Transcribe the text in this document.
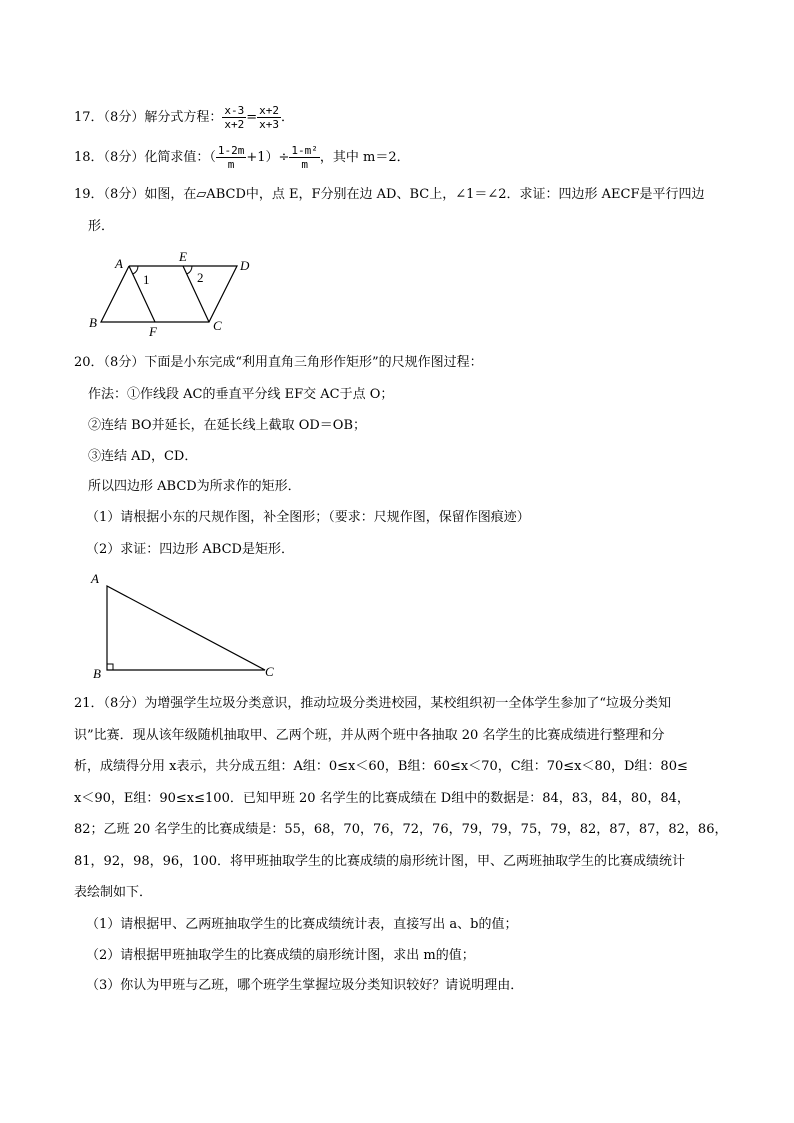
17．（8分）解分式方程： $\frac{x-3}{x+2} = \frac{x+2}{x+3}$ ．
18．（8分）化简求值：（ $\frac{1-2m}{m} +1)\div \frac{\text{1-m²}}{m}$ ，其中 m＝2．
19．（8分）如图，在▱ABCD中，点 E，F分别在边 AD、BC上，∠1＝∠2．求证：四边形 AECF是平行四边
形．
A	E
D
B
F	C
1	2
20．（8分）下面是小东完成“利用直角三角形作矩形”的尺规作图过程：
作法：①作线段 AC的垂直平分线 EF交 AC于点 O；
②连结 BO并延长，在延长线上截取 OD＝OB；
③连结 AD，CD．
所以四边形 ABCD为所求作的矩形．
（1）请根据小东的尺规作图，补全图形；（要求：尺规作图，保留作图痕迹）
（2）求证：四边形 ABCD是矩形．
A
B	C
21．（8分）为增强学生垃圾分类意识，推动垃圾分类进校园，某校组织初一全体学生参加了“垃圾分类知
识”比赛．现从该年级随机抽取甲、乙两个班，并从两个班中各抽取 20 名学生的比赛成绩进行整理和分
析，成绩得分用 x表示，共分成五组：A组：0≤x＜60，B组：60≤x＜70，C组：70≤x＜80，D组：80≤
x＜90，E组：90≤x≤100．已知甲班 20 名学生的比赛成绩在 D组中的数据是：84，83，84，80，84，
82；乙班 20 名学生的比赛成绩是：55，68，70，76，72，76，79，79，75，79，82，87，87，82，86，
81，92，98，96，100．将甲班抽取学生的比赛成绩的扇形统计图，甲、乙两班抽取学生的比赛成绩统计
表绘制如下．
（1）请根据甲、乙两班抽取学生的比赛成绩统计表，直接写出 a、b的值；
（2）请根据甲班抽取学生的比赛成绩的扇形统计图，求出 m的值；
（3）你认为甲班与乙班，哪个班学生掌握垃圾分类知识较好？请说明理由．
